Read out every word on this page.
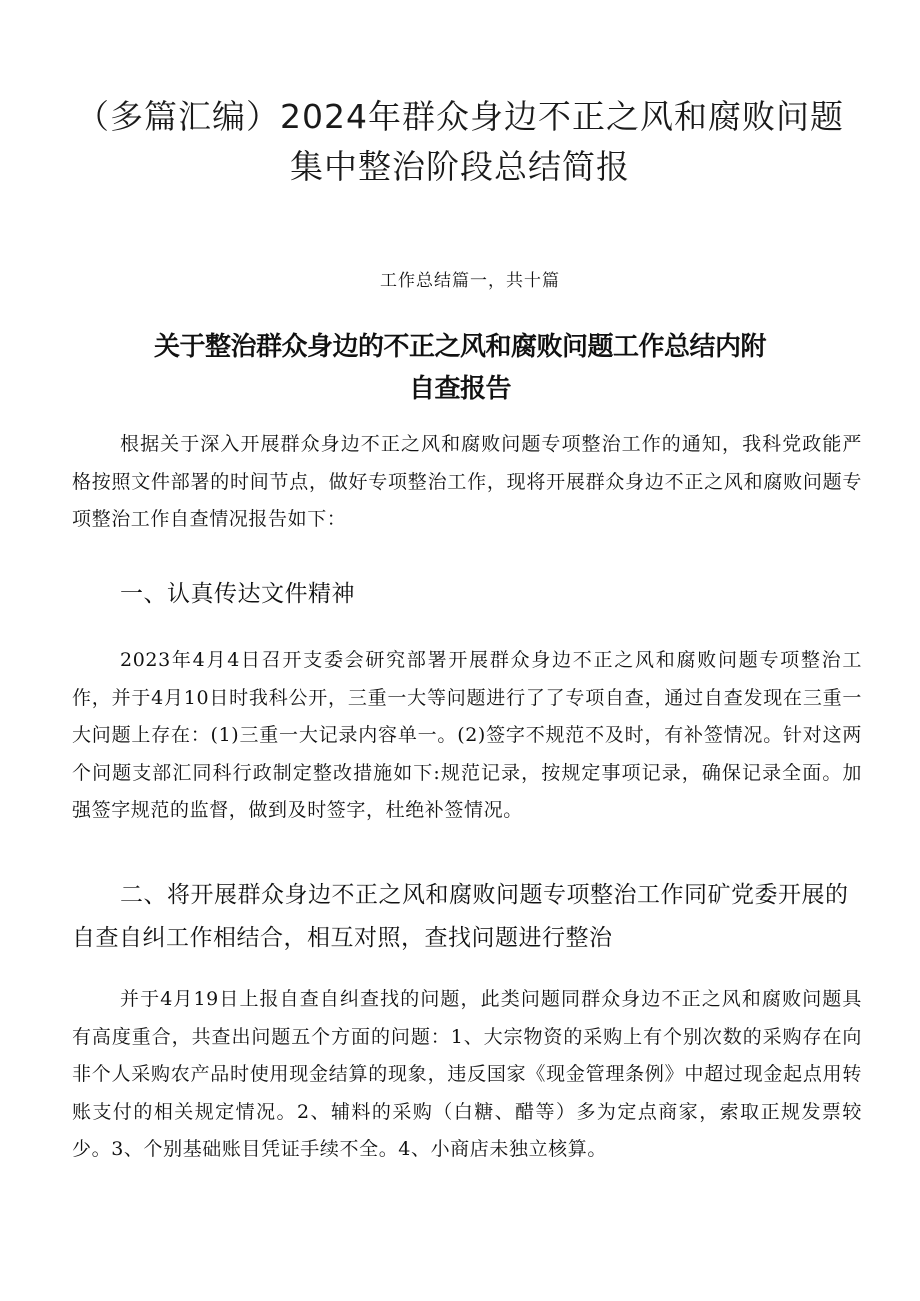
（多篇汇编）2024年群众身边不正之风和腐败问题
集中整治阶段总结简报
工作总结篇一，共十篇
关于整治群众身边的不正之风和腐败问题工作总结内附
自查报告
根据关于深入开展群众身边不正之风和腐败问题专项整治工作的通知，我科党政能严格按照文件部署的时间节点，做好专项整治工作，现将开展群众身边不正之风和腐败问题专项整治工作自查情况报告如下：
一、认真传达文件精神
2023年4月4日召开支委会研究部署开展群众身边不正之风和腐败问题专项整治工作，并于4月10日时我科公开，三重一大等问题进行了了专项自查，通过自查发现在三重一大问题上存在：(1)三重一大记录内容单一。(2)签字不规范不及时，有补签情况。针对这两个问题支部汇同科行政制定整改措施如下:规范记录，按规定事项记录，确保记录全面。加强签字规范的监督，做到及时签字，杜绝补签情况。
二、将开展群众身边不正之风和腐败问题专项整治工作同矿党委开展的自查自纠工作相结合，相互对照，查找问题进行整治
并于4月19日上报自查自纠查找的问题，此类问题同群众身边不正之风和腐败问题具有高度重合，共查出问题五个方面的问题：1、大宗物资的采购上有个别次数的采购存在向非个人采购农产品时使用现金结算的现象，违反国家《现金管理条例》中超过现金起点用转账支付的相关规定情况。2、辅料的采购（白糖、醋等）多为定点商家，索取正规发票较少。3、个别基础账目凭证手续不全。4、小商店未独立核算。
